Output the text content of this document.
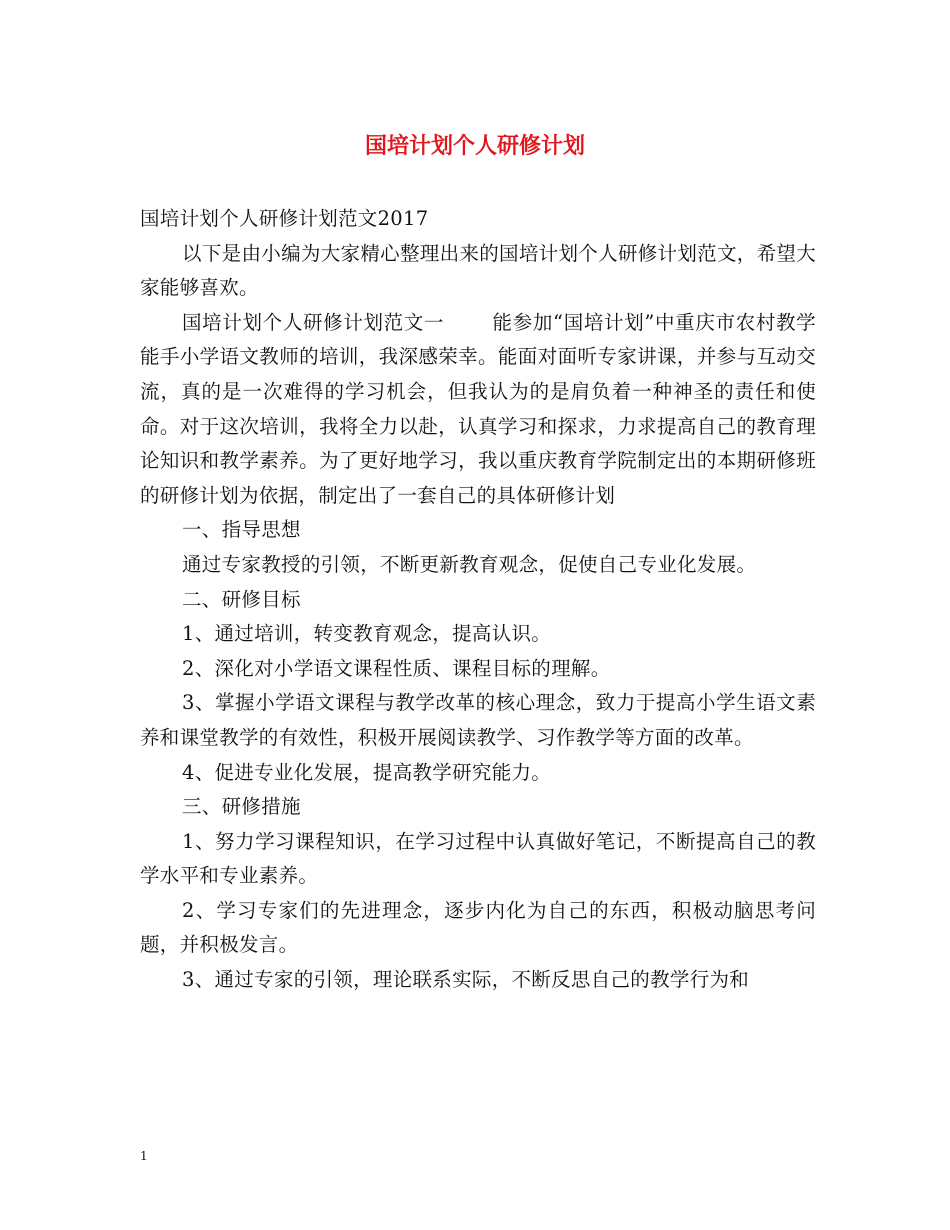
国培计划个人研修计划

国培计划个人研修计划范文2017

以下是由小编为大家精心整理出来的国培计划个人研修计划范文，希望大家能够喜欢。

国培计划个人研修计划范文一 能参加“国培计划”中重庆市农村教学能手小学语文教师的培训，我深感荣幸。能面对面听专家讲课，并参与互动交流，真的是一次难得的学习机会，但我认为的是肩负着一种神圣的责任和使命。对于这次培训，我将全力以赴，认真学习和探求，力求提高自己的教育理论知识和教学素养。为了更好地学习，我以重庆教育学院制定出的本期研修班的研修计划为依据，制定出了一套自己的具体研修计划

一、指导思想

通过专家教授的引领，不断更新教育观念，促使自己专业化发展。

二、研修目标

1、通过培训，转变教育观念，提高认识。

2、深化对小学语文课程性质、课程目标的理解。

3、掌握小学语文课程与教学改革的核心理念，致力于提高小学生语文素养和课堂教学的有效性，积极开展阅读教学、习作教学等方面的改革。

4、促进专业化发展，提高教学研究能力。

三、研修措施

1、努力学习课程知识，在学习过程中认真做好笔记，不断提高自己的教学水平和专业素养。

2、学习专家们的先进理念，逐步内化为自己的东西，积极动脑思考问题，并积极发言。

3、通过专家的引领，理论联系实际，不断反思自己的教学行为和

1
